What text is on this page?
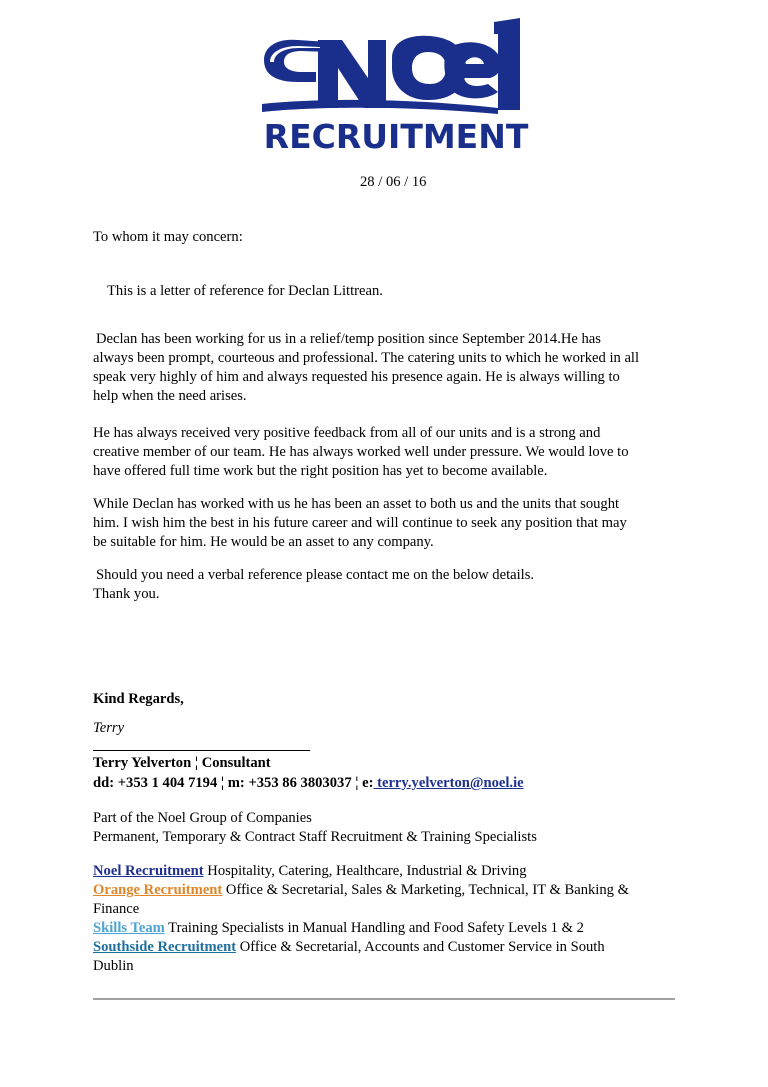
RECRUITMENT
28 / 06 / 16
To whom it may concern:
This is a letter of reference for Declan Littrean.
Declan has been working for us in a relief/temp position since September 2014.He has
always been prompt, courteous and professional. The catering units to which he worked in all
speak very highly of him and always requested his presence again. He is always willing to
help when the need arises.
He has always received very positive feedback from all of our units and is a strong and
creative member of our team. He has always worked well under pressure. We would love to
have offered full time work but the right position has yet to become available.
While Declan has worked with us he has been an asset to both us and the units that sought
him. I wish him the best in his future career and will continue to seek any position that may
be suitable for him. He would be an asset to any company.
Should you need a verbal reference please contact me on the below details.
Thank you.
Kind Regards,
Terry
Terry Yelverton ¦ Consultant
dd: +353 1 404 7194 ¦ m: +353 86 3803037 ¦ e: terry.yelverton@noel.ie
Part of the Noel Group of Companies
Permanent, Temporary & Contract Staff Recruitment & Training Specialists
Noel Recruitment Hospitality, Catering, Healthcare, Industrial & Driving
Orange Recruitment Office & Secretarial, Sales & Marketing, Technical, IT & Banking &
Finance
Skills Team Training Specialists in Manual Handling and Food Safety Levels 1 & 2
Southside Recruitment Office & Secretarial, Accounts and Customer Service in South
Dublin
